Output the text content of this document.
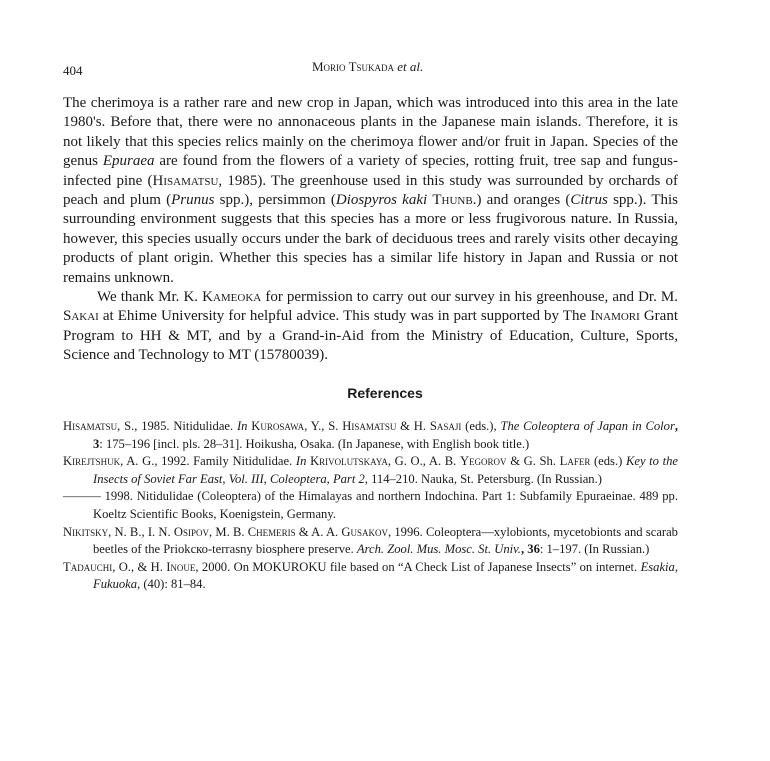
404	Morio Tsukada et al.

The cherimoya is a rather rare and new crop in Japan, which was introduced into this area in the late 1980's. Before that, there were no annonaceous plants in the Japanese main islands. Therefore, it is not likely that this species relics mainly on the cherimoya flower and/or fruit in Japan. Species of the genus Epuraea are found from the flowers of a variety of species, rotting fruit, tree sap and fungus-infected pine (Hisamatsu, 1985). The greenhouse used in this study was surrounded by orchards of peach and plum (Prunus spp.), persimmon (Diospyros kaki Thunb.) and oranges (Citrus spp.). This surrounding environment suggests that this species has a more or less frugivorous nature. In Russia, however, this species usually occurs under the bark of deciduous trees and rarely visits other decaying products of plant origin. Whether this species has a similar life history in Japan and Russia or not remains unknown.

We thank Mr. K. Kameoka for permission to carry out our survey in his greenhouse, and Dr. M. Sakai at Ehime University for helpful advice. This study was in part supported by The Inamori Grant Program to HH & MT, and by a Grand-in-Aid from the Ministry of Education, Culture, Sports, Science and Technology to MT (15780039).

References

Hisamatsu, S., 1985. Nitidulidae. In Kurosawa, Y., S. Hisamatsu & H. Sasaji (eds.), The Coleoptera of Japan in Color, 3: 175–196 [incl. pls. 28–31]. Hoikusha, Osaka. (In Japanese, with English book title.)

Kirejtshuk, A. G., 1992. Family Nitidulidae. In Krivolutskaya, G. O., A. B. Yegorov & G. Sh. Lafer (eds.) Key to the Insects of Soviet Far East, Vol. III, Coleoptera, Part 2, 114–210. Nauka, St. Petersburg. (In Russian.)

——— 1998. Nitidulidae (Coleoptera) of the Himalayas and northern Indochina. Part 1: Subfamily Epuraeinae. 489 pp. Koeltz Scientific Books, Koenigstein, Germany.

Nikitsky, N. B., I. N. Osipov, M. B. Chemeris & A. A. Gusakov, 1996. Coleoptera—xylobionts, mycetobionts and scarab beetles of the Priokско-terrasny biosphere preserve. Arch. Zool. Mus. Mosc. St. Univ., 36: 1–197. (In Russian.)

Tadauchi, O., & H. Inoue, 2000. On MOKUROKU file based on “A Check List of Japanese Insects” on internet. Esakia, Fukuoka, (40): 81–84.
